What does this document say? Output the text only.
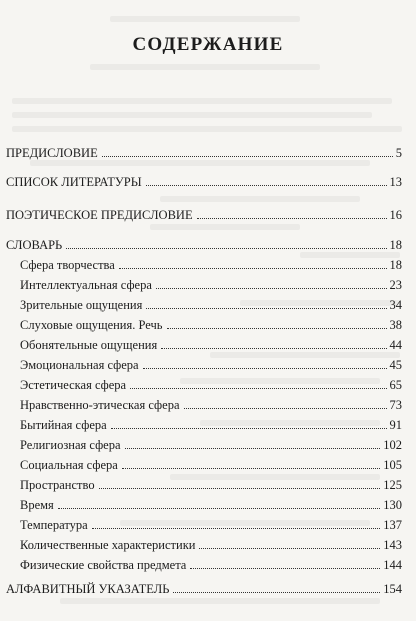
СОДЕРЖАНИЕ
ПРЕДИСЛОВИЕ	5
СПИСОК ЛИТЕРАТУРЫ	13
ПОЭТИЧЕСКОЕ ПРЕДИСЛОВИЕ	16
СЛОВАРЬ	18
Сфера творчества	18
Интеллектуальная сфера	23
Зрительные ощущения	34
Слуховые ощущения. Речь	38
Обонятельные ощущения	44
Эмоциональная сфера	45
Эстетическая сфера	65
Нравственно-этическая сфера	73
Бытийная сфера	91
Религиозная сфера	102
Социальная сфера	105
Пространство	125
Время	130
Температура	137
Количественные характеристики	143
Физические свойства предмета	144
АЛФАВИТНЫЙ УКАЗАТЕЛЬ	154
